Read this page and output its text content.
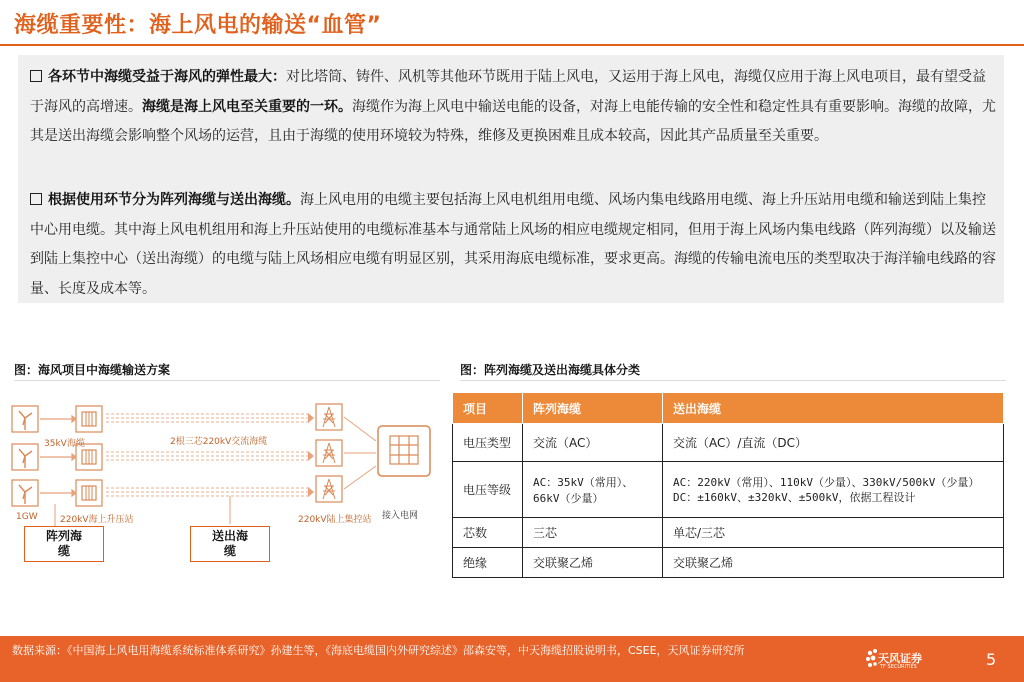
海缆重要性：海上风电的输送“血管”
各环节中海缆受益于海风的弹性最大：对比塔筒、铸件、风机等其他环节既用于陆上风电，又运用于海上风电，海缆仅应用于海上风电项目，最有望受益于海风的高增速。海缆是海上风电至关重要的一环。海缆作为海上风电中输送电能的设备，对海上电能传输的安全性和稳定性具有重要影响。海缆的故障，尤其是送出海缆会影响整个风场的运营，且由于海缆的使用环境较为特殊，维修及更换困难且成本较高，因此其产品质量至关重要。
根据使用环节分为阵列海缆与送出海缆。海上风电用的电缆主要包括海上风电机组用电缆、风场内集电线路用电缆、海上升压站用电缆和输送到陆上集控中心用电缆。其中海上风电机组用和海上升压站使用的电缆标准基本与通常陆上风场的相应电缆规定相同，但用于海上风场内集电线路（阵列海缆）以及输送到陆上集控中心（送出海缆）的电缆与陆上风场相应电缆有明显区别，其采用海底电缆标准，要求更高。海缆的传输电流电压的类型取决于海洋输电线路的容量、长度及成本等。
图：海风项目中海缆输送方案	图：阵列海缆及送出海缆具体分类
35kV海缆	2根三芯220kV交流海缆
1GW 220kV海上升压站	220kV陆上集控站 接入电网
阵列海
缆
送出海
缆
项目	阵列海缆	送出海缆
电压类型	交流（AC）	交流（AC）/直流（DC）
电压等级	AC：35kV（常用）、66kV（少量）	AC：220kV（常用）、110kV（少量）、330kV/500kV（少量）
DC：±160kV、±320kV、±500kV，依据工程设计
芯数	三芯	单芯/三芯
绝缘	交联聚乙烯	交联聚乙烯
数据来源：《中国海上风电用海缆系统标准体系研究》孙建生等，《海底电缆国内外研究综述》邵森安等，中天海缆招股说明书，CSEE，天风证券研究所
天风证券
TF SECURITIES	5
